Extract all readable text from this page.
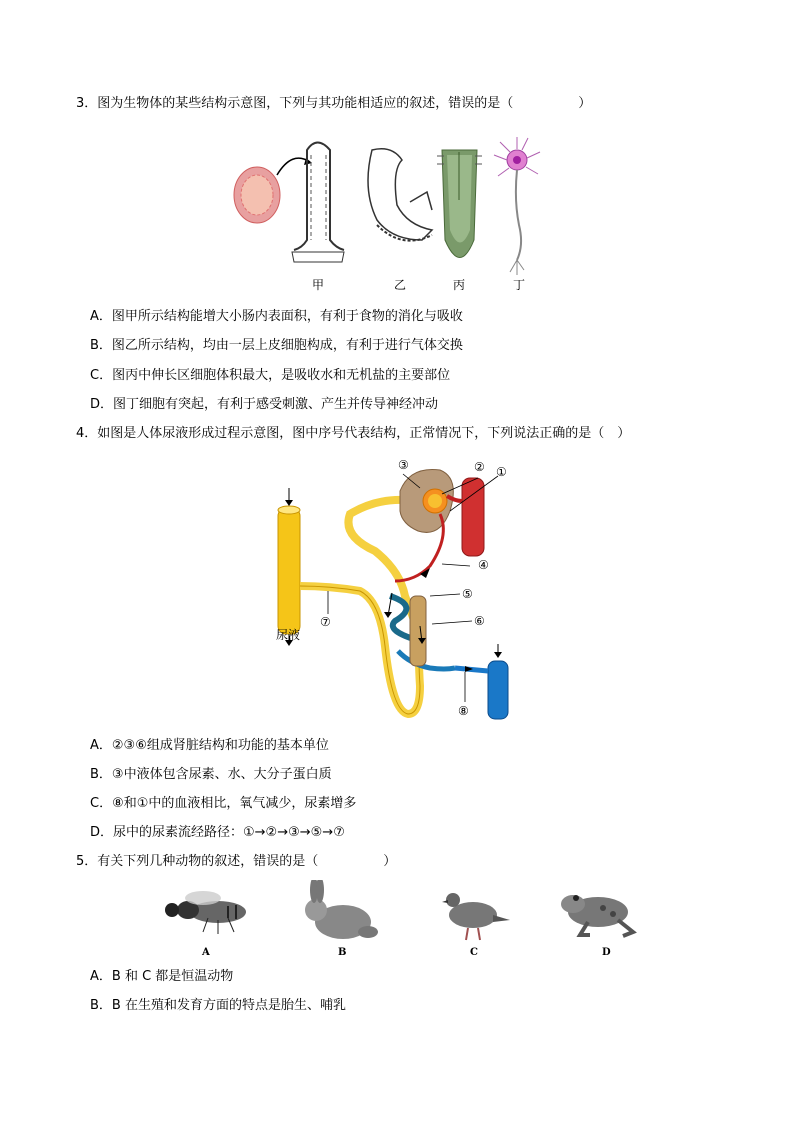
3．图为生物体的某些结构示意图，下列与其功能相适应的叙述，错误的是（　　　　　）
甲	乙	丙	丁
A．图甲所示结构能增大小肠内表面积，有利于食物的消化与吸收
B．图乙所示结构，均由一层上皮细胞构成，有利于进行气体交换
C．图丙中伸长区细胞体积最大，是吸收水和无机盐的主要部位
D．图丁细胞有突起，有利于感受刺激、产生并传导神经冲动
4．如图是人体尿液形成过程示意图，图中序号代表结构，正常情况下，下列说法正确的是（　）
③	② ①
④
⑤
⑥
⑦
尿液
⑧
A．②③⑥组成肾脏结构和功能的基本单位
B．③中液体包含尿素、水、大分子蛋白质
C．⑧和①中的血液相比，氧气减少，尿素增多
D．尿中的尿素流经路径：①→②→③→⑤→⑦
5．有关下列几种动物的叙述，错误的是（　　　　　）
A	B	C	D
A．B 和 C 都是恒温动物
B．B 在生殖和发育方面的特点是胎生、哺乳
